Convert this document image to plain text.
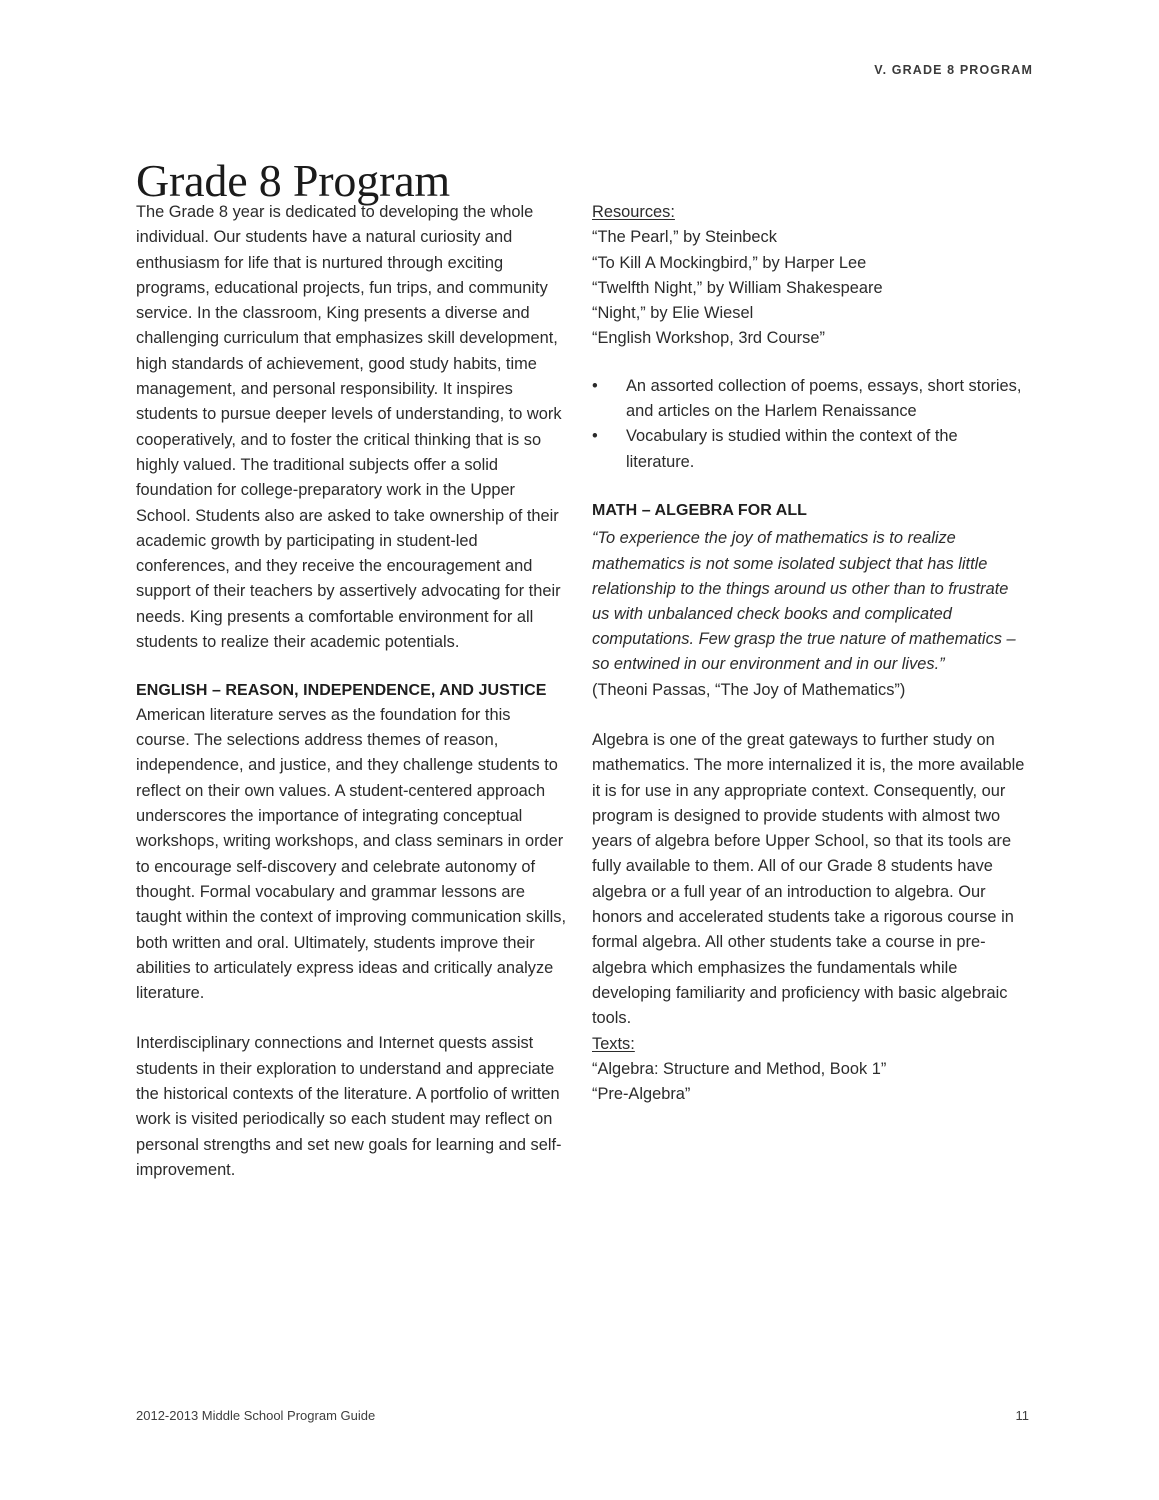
V. GRADE 8 PROGRAM
Grade 8 Program

The Grade 8 year is dedicated to developing the whole individual. Our students have a natural curiosity and enthusiasm for life that is nurtured through exciting programs, educational projects, fun trips, and community service. In the classroom, King presents a diverse and challenging curriculum that emphasizes skill development, high standards of achievement, good study habits, time management, and personal responsibility. It inspires students to pursue deeper levels of understanding, to work cooperatively, and to foster the critical thinking that is so highly valued. The traditional subjects offer a solid foundation for college-preparatory work in the Upper School. Students also are asked to take ownership of their academic growth by participating in student-led conferences, and they receive the encouragement and support of their teachers by assertively advocating for their needs. King presents a comfortable environment for all students to realize their academic potentials.

ENGLISH – REASON, INDEPENDENCE, AND JUSTICE

American literature serves as the foundation for this course. The selections address themes of reason, independence, and justice, and they challenge students to reflect on their own values. A student-centered approach underscores the importance of integrating conceptual workshops, writing workshops, and class seminars in order to encourage self-discovery and celebrate autonomy of thought. Formal vocabulary and grammar lessons are taught within the context of improving communication skills, both written and oral. Ultimately, students improve their abilities to articulately express ideas and critically analyze literature.

Interdisciplinary connections and Internet quests assist students in their exploration to understand and appreciate the historical contexts of the literature. A portfolio of written work is visited periodically so each student may reflect on personal strengths and set new goals for learning and self-improvement.

Resources:
“The Pearl,” by Steinbeck
“To Kill A Mockingbird,” by Harper Lee
“Twelfth Night,” by William Shakespeare
“Night,” by Elie Wiesel
“English Workshop, 3rd Course”
• An assorted collection of poems, essays, short stories, and articles on the Harlem Renaissance
• Vocabulary is studied within the context of the literature.
MATH – ALGEBRA FOR ALL

“To experience the joy of mathematics is to realize mathematics is not some isolated subject that has little relationship to the things around us other than to frustrate us with unbalanced check books and complicated computations. Few grasp the true nature of mathematics – so entwined in our environment and in our lives.”

(Theoni Passas, “The Joy of Mathematics”)

Algebra is one of the great gateways to further study on mathematics. The more internalized it is, the more available it is for use in any appropriate context. Consequently, our program is designed to provide students with almost two years of algebra before Upper School, so that its tools are fully available to them. All of our Grade 8 students have algebra or a full year of an introduction to algebra. Our honors and accelerated students take a rigorous course in formal algebra. All other students take a course in pre-algebra which emphasizes the fundamentals while developing familiarity and proficiency with basic algebraic tools.

Texts:
“Algebra: Structure and Method, Book 1”
“Pre-Algebra”
2012-2013 Middle School Program Guide	11
